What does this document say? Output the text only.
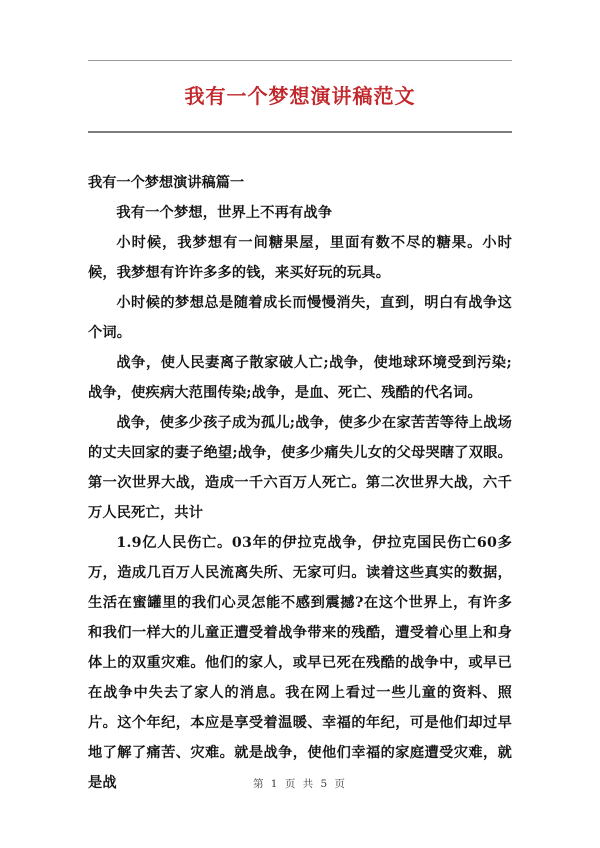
我有一个梦想演讲稿范文

我有一个梦想演讲稿篇一

我有一个梦想，世界上不再有战争

小时候，我梦想有一间糖果屋，里面有数不尽的糖果。小时候，我梦想有许许多多的钱，来买好玩的玩具。

小时候的梦想总是随着成长而慢慢消失，直到，明白有战争这个词。

战争，使人民妻离子散家破人亡;战争，使地球环境受到污染;战争，使疾病大范围传染;战争，是血、死亡、残酷的代名词。

战争，使多少孩子成为孤儿;战争，使多少在家苦苦等待上战场的丈夫回家的妻子绝望;战争，使多少痛失儿女的父母哭瞎了双眼。第一次世界大战，造成一千六百万人死亡。第二次世界大战，六千万人民死亡，共计

1.9亿人民伤亡。03年的伊拉克战争，伊拉克国民伤亡60多万，造成几百万人民流离失所、无家可归。读着这些真实的数据，生活在蜜罐里的我们心灵怎能不感到震撼?在这个世界上，有许多和我们一样大的儿童正遭受着战争带来的残酷，遭受着心里上和身体上的双重灾难。他们的家人，或早已死在残酷的战争中，或早已在战争中失去了家人的消息。我在网上看过一些儿童的资料、照片。这个年纪，本应是享受着温暖、幸福的年纪，可是他们却过早地了解了痛苦、灾难。就是战争，使他们幸福的家庭遭受灾难，就是战	第 1 页 共 5 页
